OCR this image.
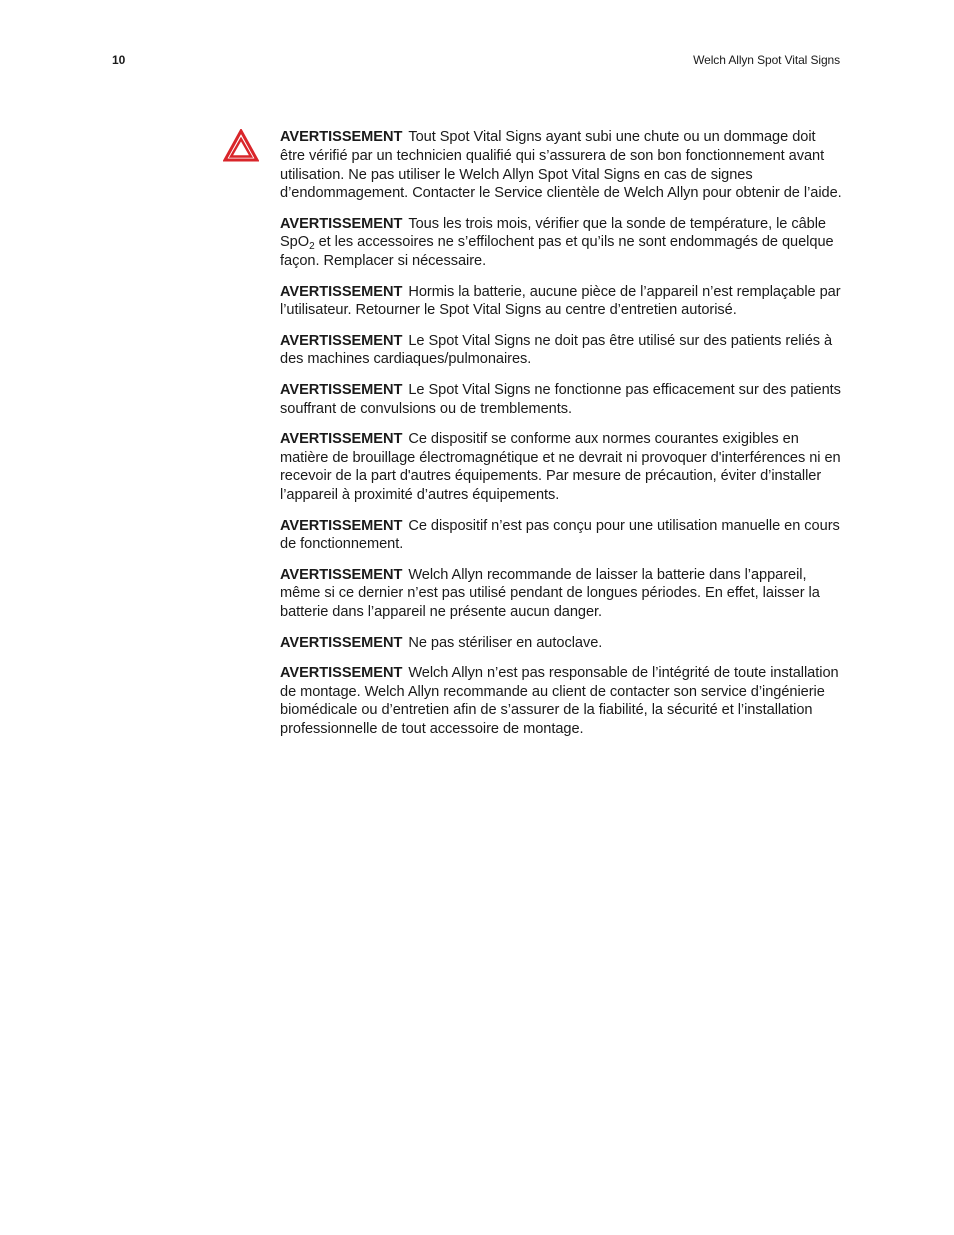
10	Welch Allyn Spot Vital Signs

AVERTISSEMENT Tout Spot Vital Signs ayant subi une chute ou un dommage doit être vérifié par un technicien qualifié qui s’assurera de son bon fonctionnement avant utilisation. Ne pas utiliser le Welch Allyn Spot Vital Signs en cas de signes d’endommagement. Contacter le Service clientèle de Welch Allyn pour obtenir de l’aide.

AVERTISSEMENT Tous les trois mois, vérifier que la sonde de température, le câble SpO$_2$ et les accessoires ne s’effilochent pas et qu’ils ne sont endommagés de quelque façon. Remplacer si nécessaire.

AVERTISSEMENT Hormis la batterie, aucune pièce de l’appareil n’est remplaçable par l’utilisateur. Retourner le Spot Vital Signs au centre d’entretien autorisé.

AVERTISSEMENT Le Spot Vital Signs ne doit pas être utilisé sur des patients reliés à des machines cardiaques/pulmonaires.

AVERTISSEMENT Le Spot Vital Signs ne fonctionne pas efficacement sur des patients souffrant de convulsions ou de tremblements.

AVERTISSEMENT Ce dispositif se conforme aux normes courantes exigibles en matière de brouillage électromagnétique et ne devrait ni provoquer d'interférences ni en recevoir de la part d'autres équipements. Par mesure de précaution, éviter d’installer l’appareil à proximité d’autres équipements.

AVERTISSEMENT Ce dispositif n’est pas conçu pour une utilisation manuelle en cours de fonctionnement.

AVERTISSEMENT Welch Allyn recommande de laisser la batterie dans l’appareil, même si ce dernier n’est pas utilisé pendant de longues périodes. En effet, laisser la batterie dans l’appareil ne présente aucun danger.

AVERTISSEMENT Ne pas stériliser en autoclave.

AVERTISSEMENT Welch Allyn n’est pas responsable de l’intégrité de toute installation de montage. Welch Allyn recommande au client de contacter son service d’ingénierie biomédicale ou d’entretien afin de s’assurer de la fiabilité, la sécurité et l’installation professionnelle de tout accessoire de montage.
